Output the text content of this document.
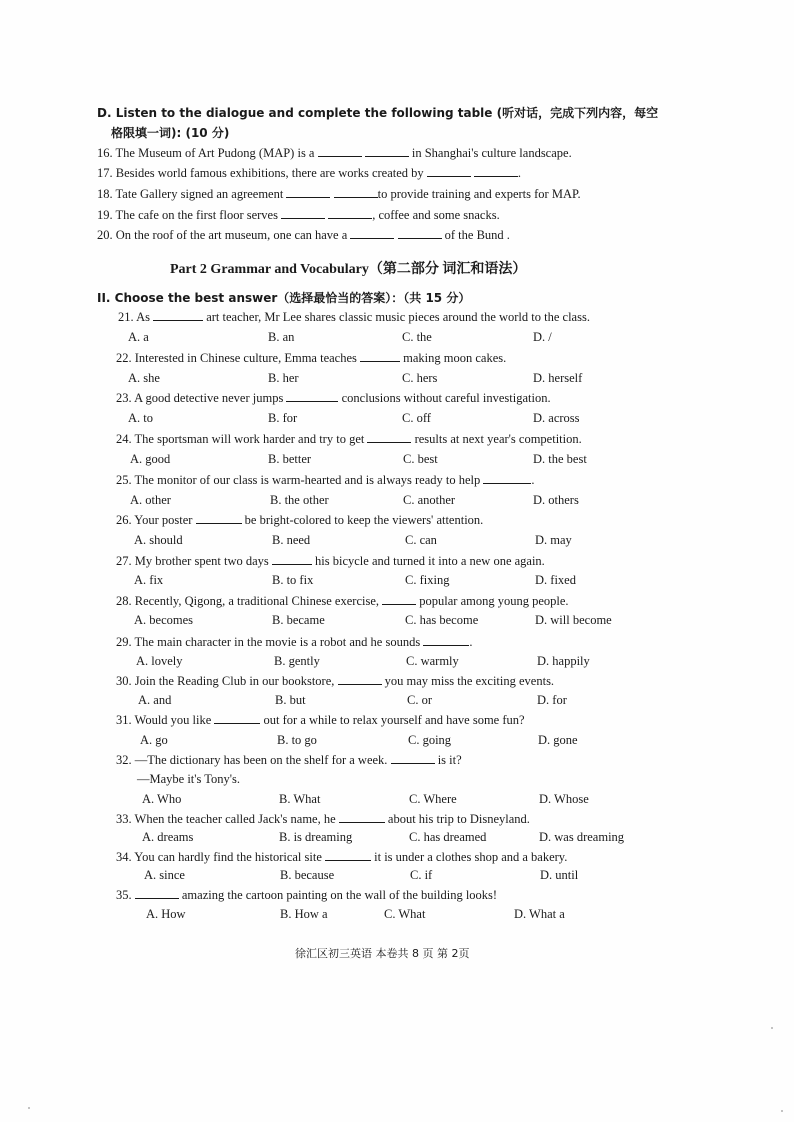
D. Listen to the dialogue and complete the following table (听对话，完成下列内容，每空
格限填一词): (10 分)
16. The Museum of Art Pudong (MAP) is a	in Shanghai's culture landscape.
17. Besides world famous exhibitions, there are works created by	.
18. Tate Gallery signed an agreement	to provide training and experts for MAP.
19. The cafe on the first floor serves	, coffee and some snacks.
20. On the roof of the art museum, one can have a	of the Bund .
Part 2 Grammar and Vocabulary（第二部分 词汇和语法）
II. Choose the best answer（选择最恰当的答案）：（共 15 分）
21. As	art teacher, Mr Lee shares classic music pieces around the world to the class.
A. a	B. an	C. the	D. /
22. Interested in Chinese culture, Emma teaches	making moon cakes.
A. she	B. her	C. hers	D. herself
23. A good detective never jumps	conclusions without careful investigation.
A. to	B. for	C. off	D. across
24. The sportsman will work harder and try to get	results at next year's competition.
A. good	B. better	C. best	D. the best
25. The monitor of our class is warm-hearted and is always ready to help	.
A. other	B. the other	C. another	D. others
26. Your poster	be bright-colored to keep the viewers' attention.
A. should	B. need	C. can	D. may
27. My brother spent two days	his bicycle and turned it into a new one again.
A. fix	B. to fix	C. fixing	D. fixed
28. Recently, Qigong, a traditional Chinese exercise,	popular among young people.
A. becomes	B. became	C. has become	D. will become
29. The main character in the movie is a robot and he sounds	.
A. lovely	B. gently	C. warmly	D. happily
30. Join the Reading Club in our bookstore,	you may miss the exciting events.
A. and	B. but	C. or	D. for
31. Would you like	out for a while to relax yourself and have some fun?
A. go	B. to go	C. going	D. gone
32. —The dictionary has been on the shelf for a week.	is it?
—Maybe it's Tony's.
A. Who	B. What	C. Where	D. Whose
33. When the teacher called Jack's name, he	about his trip to Disneyland.
A. dreams	B. is dreaming	C. has dreamed	D. was dreaming
34. You can hardly find the historical site	it is under a clothes shop and a bakery.
A. since	B. because	C. if	D. until
35.	amazing the cartoon painting on the wall of the building looks!
A. How	B. How a	C. What	D. What a
徐汇区初三英语 本卷共 8 页 第 2页
